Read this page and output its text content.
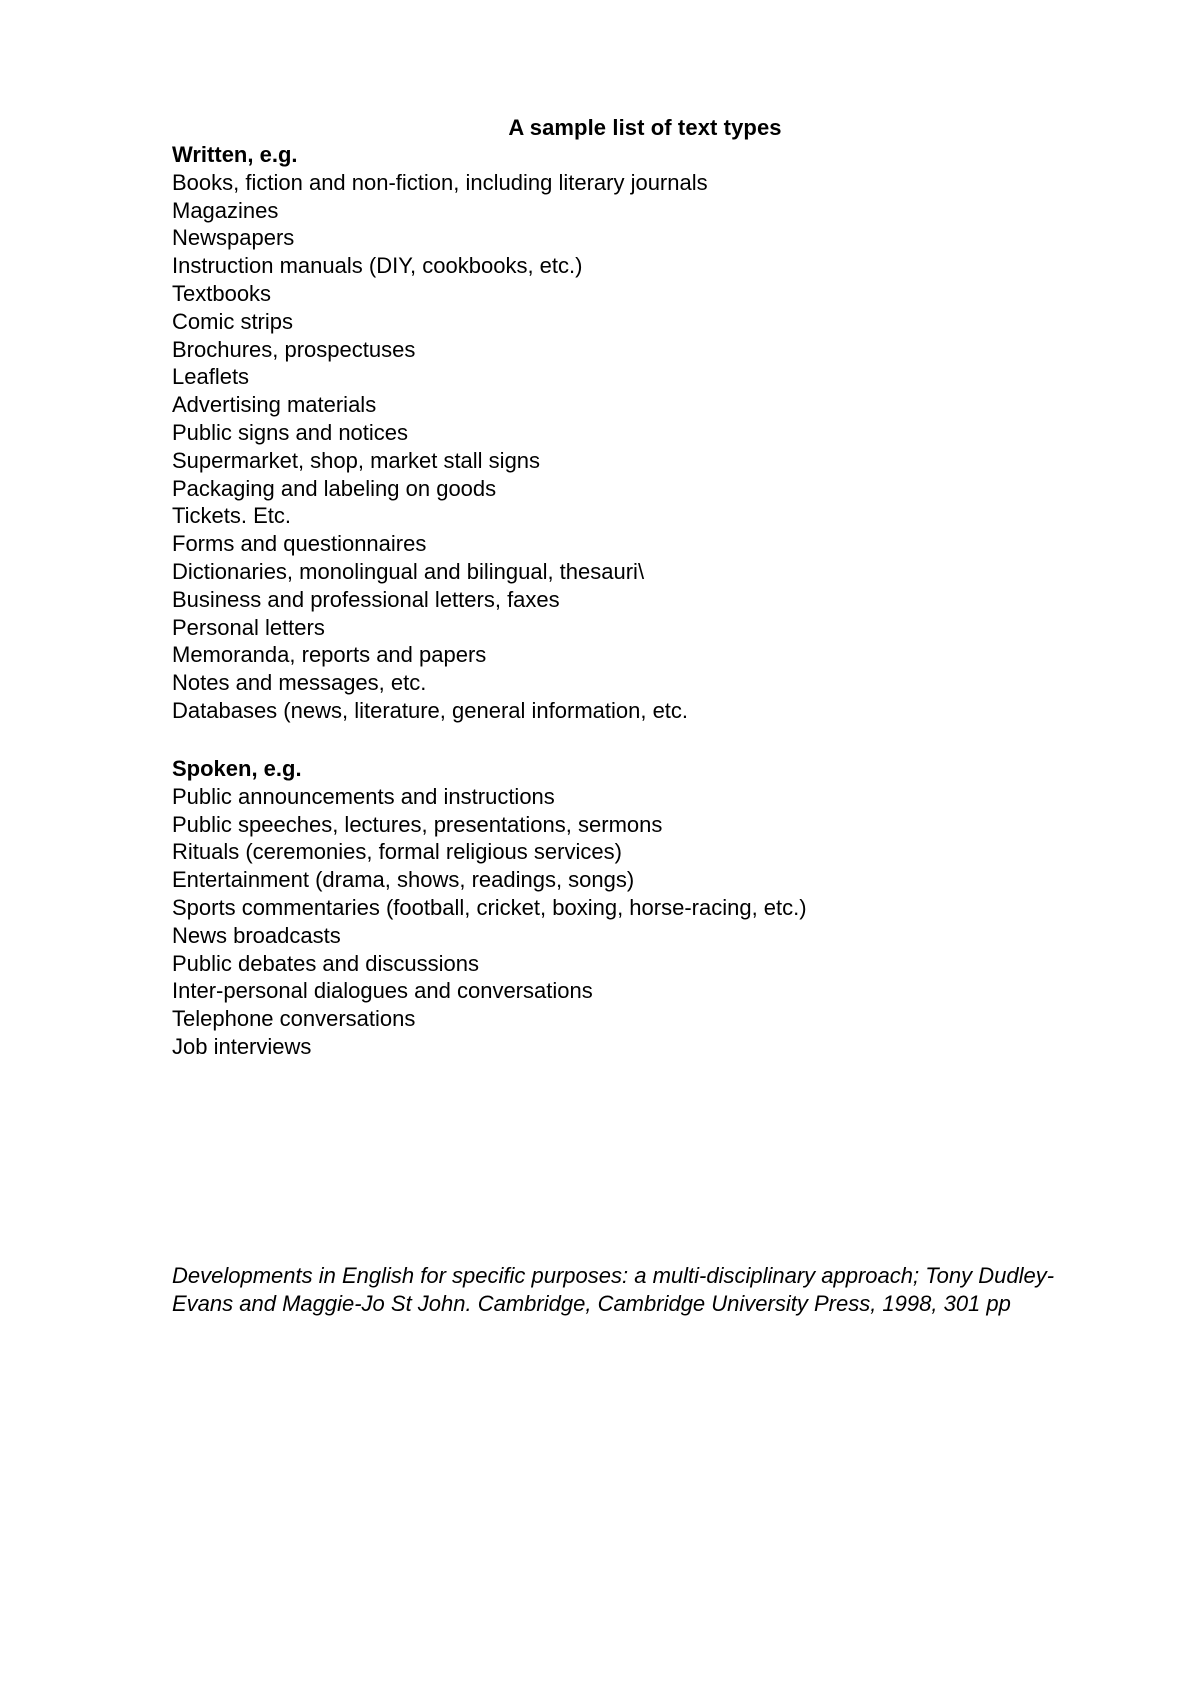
A sample list of text types
Written, e.g.
Books, fiction and non-fiction, including literary journals
Magazines
Newspapers
Instruction manuals (DIY, cookbooks, etc.)
Textbooks
Comic strips
Brochures, prospectuses
Leaflets
Advertising materials
Public signs and notices
Supermarket, shop, market stall signs
Packaging and labeling on goods
Tickets. Etc.
Forms and questionnaires
Dictionaries, monolingual and bilingual, thesauri\
Business and professional letters, faxes
Personal letters
Memoranda, reports and papers
Notes and messages, etc.
Databases (news, literature, general information, etc.
Spoken, e.g.
Public announcements and instructions
Public speeches, lectures, presentations, sermons
Rituals (ceremonies, formal religious services)
Entertainment (drama, shows, readings, songs)
Sports commentaries (football, cricket, boxing, horse-racing, etc.)
News broadcasts
Public debates and discussions
Inter-personal dialogues and conversations
Telephone conversations
Job interviews

Developments in English for specific purposes: a multi-disciplinary approach; Tony Dudley-Evans and Maggie-Jo St John. Cambridge, Cambridge University Press, 1998, 301 pp
